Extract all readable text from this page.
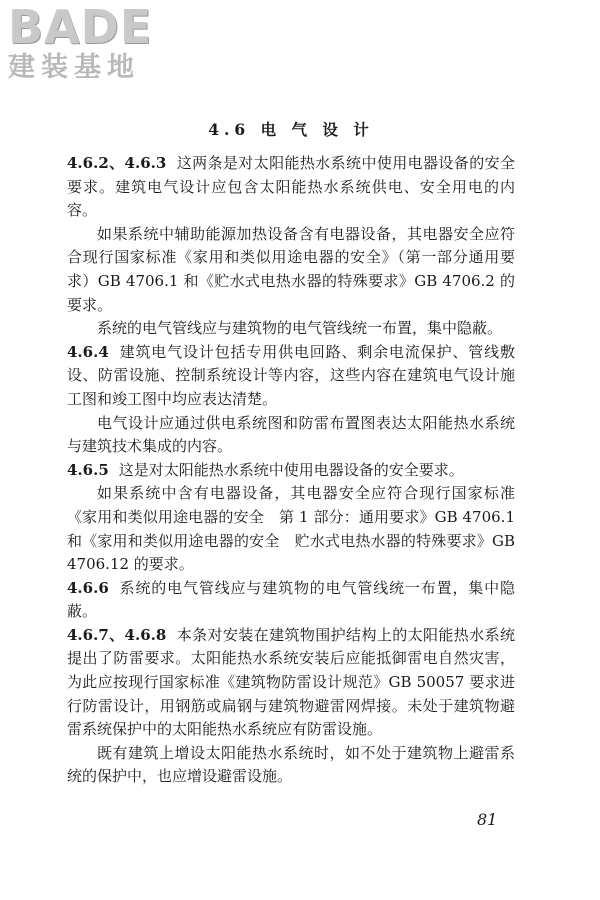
BADE
建装基地
4.6 电 气 设 计

4.6.2、4.6.3 这两条是对太阳能热水系统中使用电器设备的安全要求。建筑电气设计应包含太阳能热水系统供电、安全用电的内容。

如果系统中辅助能源加热设备含有电器设备，其电器安全应符合现行国家标准《家用和类似用途电器的安全》（第一部分通用要求）GB 4706.1 和《贮水式电热水器的特殊要求》GB 4706.2 的要求。

系统的电气管线应与建筑物的电气管线统一布置，集中隐蔽。

4.6.4 建筑电气设计包括专用供电回路、剩余电流保护、管线敷设、防雷设施、控制系统设计等内容，这些内容在建筑电气设计施工图和竣工图中均应表达清楚。

电气设计应通过供电系统图和防雷布置图表达太阳能热水系统与建筑技术集成的内容。

4.6.5 这是对太阳能热水系统中使用电器设备的安全要求。

如果系统中含有电器设备，其电器安全应符合现行国家标准《家用和类似用途电器的安全　第 1 部分：通用要求》GB 4706.1 和《家用和类似用途电器的安全　贮水式电热水器的特殊要求》GB 4706.12 的要求。

4.6.6 系统的电气管线应与建筑物的电气管线统一布置，集中隐蔽。

4.6.7、4.6.8 本条对安装在建筑物围护结构上的太阳能热水系统提出了防雷要求。太阳能热水系统安装后应能抵御雷电自然灾害，为此应按现行国家标准《建筑物防雷设计规范》GB 50057 要求进行防雷设计，用钢筋或扁钢与建筑物避雷网焊接。未处于建筑物避雷系统保护中的太阳能热水系统应有防雷设施。

既有建筑上增设太阳能热水系统时，如不处于建筑物上避雷系统的保护中，也应增设避雷设施。

81
